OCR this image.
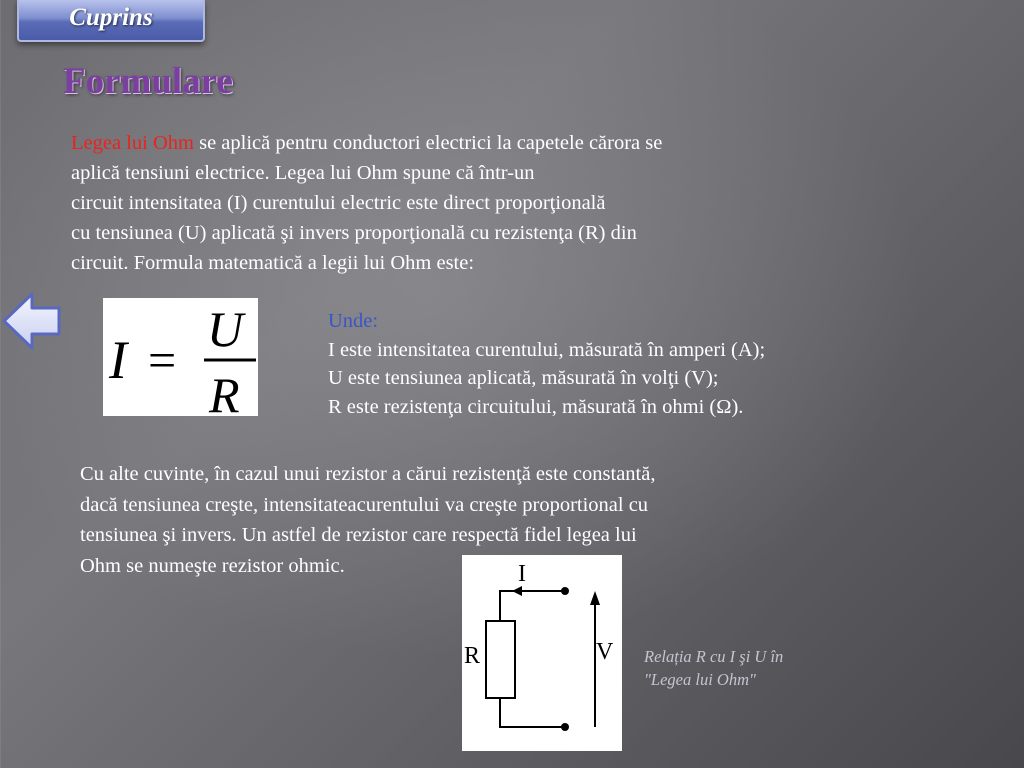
Cuprins
Formulare

Legea lui Ohm se aplică pentru conductori electrici la capetele cărora se
aplică tensiuni electrice. Legea lui Ohm spune că într-un
circuit intensitatea (I) curentului electric este direct proporţională
cu tensiunea (U) aplicată şi invers proporţională cu rezistenţa (R) din
circuit. Formula matematică a legii lui Ohm este:

I =
U
R
Unde:
I este intensitatea curentului, măsurată în amperi (A);
U este tensiunea aplicată, măsurată în volţi (V);
R este rezistenţa circuitului, măsurată în ohmi (Ω).

Cu alte cuvinte, în cazul unui rezistor a cărui rezistenţă este constantă,
dacă tensiunea creşte, intensitateacurentului va creşte proportional cu
tensiunea şi invers. Un astfel de rezistor care respectă fidel legea lui
Ohm se numeşte rezistor ohmic.	I
R	V Relația R cu I şi U în "Legea lui Ohm"
